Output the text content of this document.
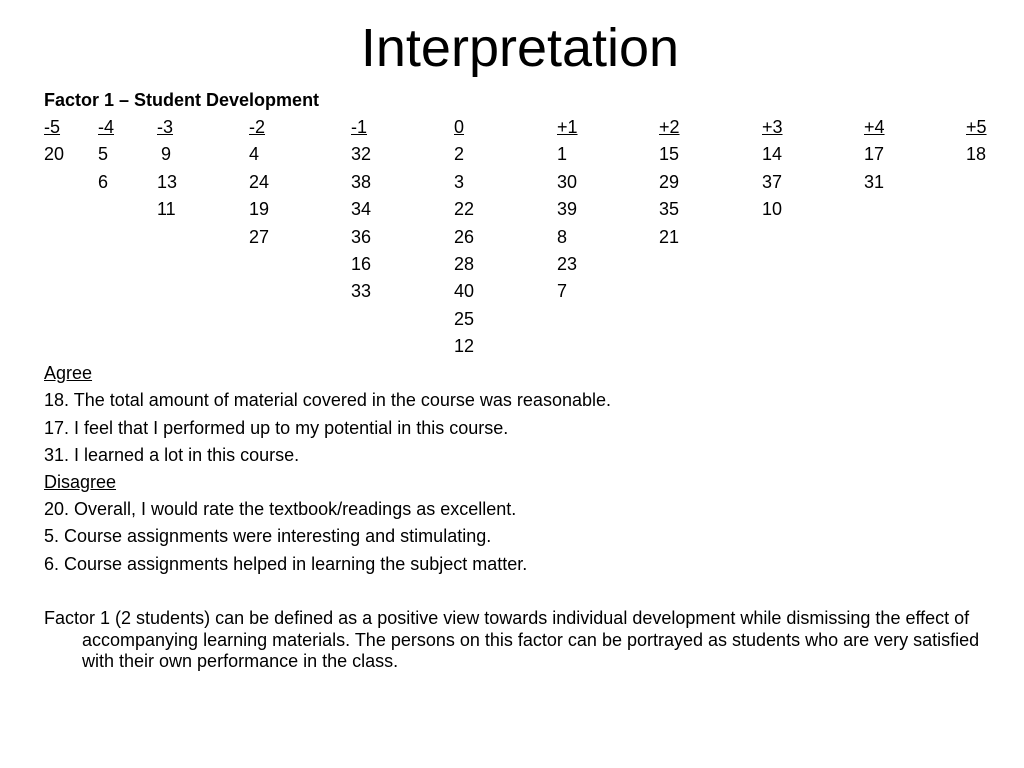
Interpretation
Factor 1 – Student Development
-5
20
-4
5
6
-3
9
13
11
-2
4
24
19
27
-1
32
38
34
36
16
33
0
2
3
22
26
28
40
25
12
+1
1
30
39
8
23
7
+2
15
29
35
21
+3
14
37
10
+4
17
31
+5
18
Agree
18. The total amount of material covered in the course was reasonable.
17. I feel that I performed up to my potential in this course.
31. I learned a lot in this course.
Disagree
20. Overall, I would rate the textbook/readings as excellent.
5. Course assignments were interesting and stimulating.
6. Course assignments helped in learning the subject matter.
Factor 1 (2 students) can be defined as a positive view towards individual development while dismissing the effect of accompanying learning materials. The persons on this factor can be portrayed as students who are very satisfied with their own performance in the class.
